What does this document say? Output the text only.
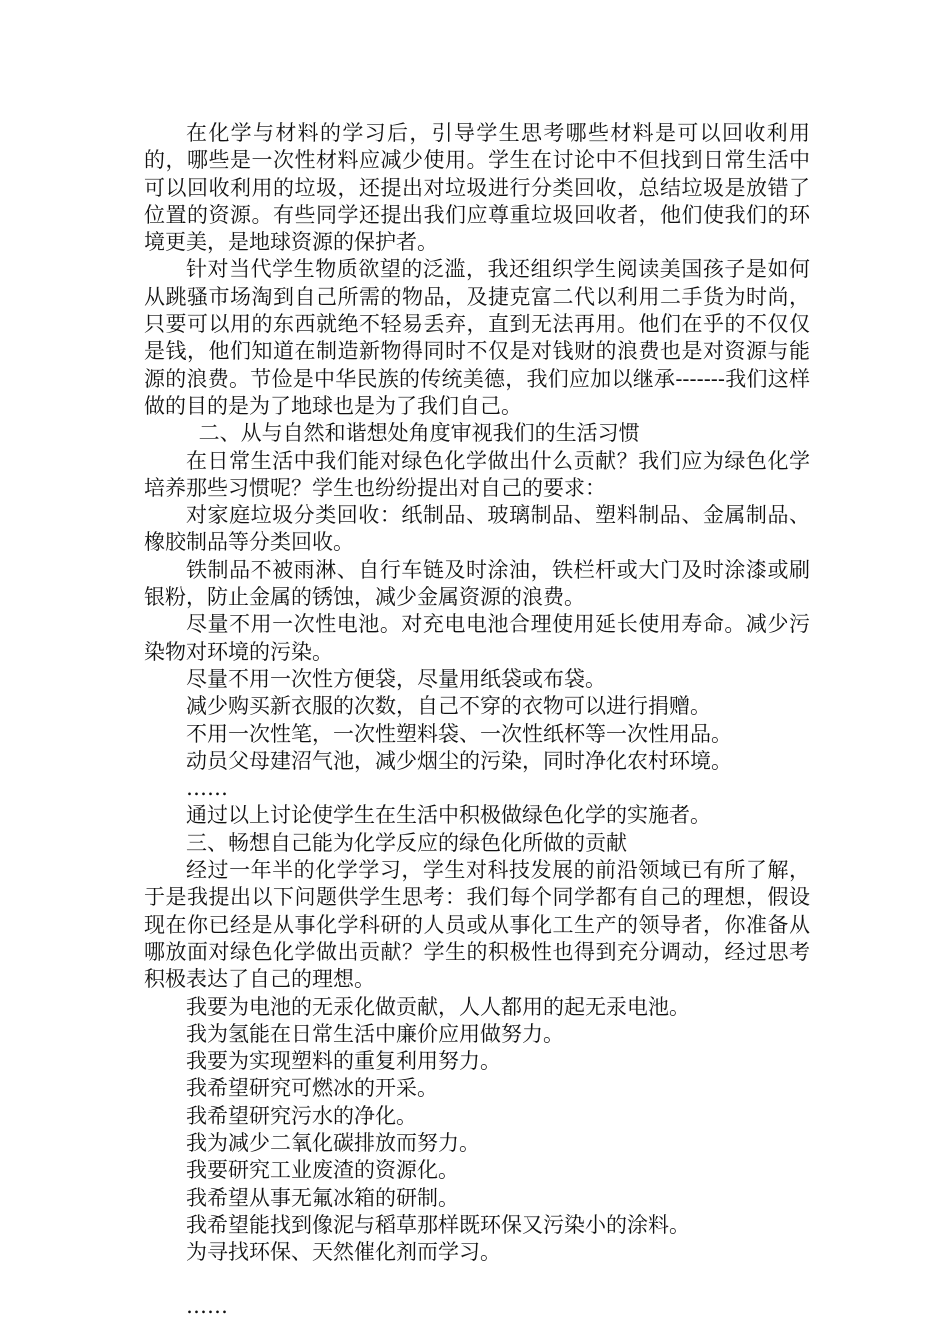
在化学与材料的学习后，引导学生思考哪些材料是可以回收利用的，哪些是一次性材料应减少使用。学生在讨论中不但找到日常生活中可以回收利用的垃圾，还提出对垃圾进行分类回收，总结垃圾是放错了位置的资源。有些同学还提出我们应尊重垃圾回收者，他们使我们的环境更美，是地球资源的保护者。

针对当代学生物质欲望的泛滥，我还组织学生阅读美国孩子是如何从跳骚市场淘到自己所需的物品，及捷克富二代以利用二手货为时尚，只要可以用的东西就绝不轻易丢弃，直到无法再用。他们在乎的不仅仅是钱，他们知道在制造新物得同时不仅是对钱财的浪费也是对资源与能源的浪费。节俭是中华民族的传统美德，我们应加以继承-------我们这样做的目的是为了地球也是为了我们自己。

二、从与自然和谐想处角度审视我们的生活习惯

在日常生活中我们能对绿色化学做出什么贡献？我们应为绿色化学培养那些习惯呢？学生也纷纷提出对自己的要求：

对家庭垃圾分类回收：纸制品、玻璃制品、塑料制品、金属制品、橡胶制品等分类回收。

铁制品不被雨淋、自行车链及时涂油，铁栏杆或大门及时涂漆或刷银粉，防止金属的锈蚀，减少金属资源的浪费。

尽量不用一次性电池。对充电电池合理使用延长使用寿命。减少污染物对环境的污染。

尽量不用一次性方便袋，尽量用纸袋或布袋。

减少购买新衣服的次数，自己不穿的衣物可以进行捐赠。

不用一次性笔，一次性塑料袋、一次性纸杯等一次性用品。

动员父母建沼气池，减少烟尘的污染，同时净化农村环境。

……

通过以上讨论使学生在生活中积极做绿色化学的实施者。

三、畅想自己能为化学反应的绿色化所做的贡献

经过一年半的化学学习，学生对科技发展的前沿领域已有所了解，于是我提出以下问题供学生思考：我们每个同学都有自己的理想，假设现在你已经是从事化学科研的人员或从事化工生产的领导者，你准备从哪放面对绿色化学做出贡献？学生的积极性也得到充分调动，经过思考积极表达了自己的理想。

我要为电池的无汞化做贡献，人人都用的起无汞电池。

我为氢能在日常生活中廉价应用做努力。

我要为实现塑料的重复利用努力。

我希望研究可燃冰的开采。

我希望研究污水的净化。

我为减少二氧化碳排放而努力。

我要研究工业废渣的资源化。

我希望从事无氟冰箱的研制。

我希望能找到像泥与稻草那样既环保又污染小的涂料。

为寻找环保、天然催化剂而学习。

……
